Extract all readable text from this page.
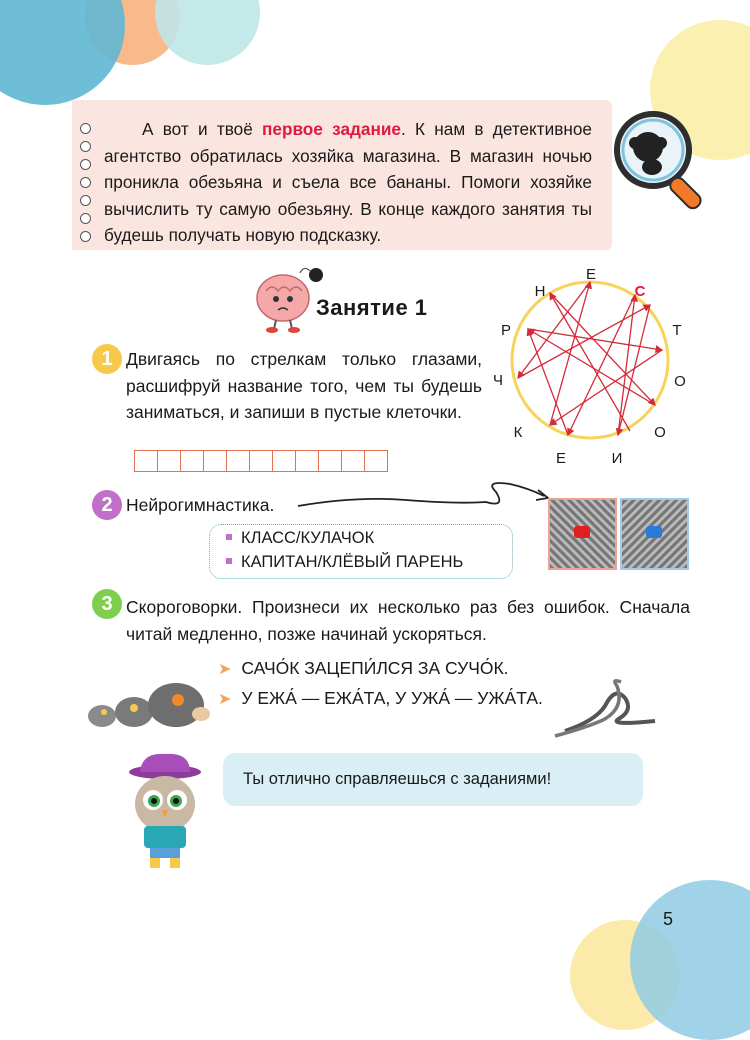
А вот и твоё первое задание. К нам в детективное агентство обратилась хозяйка магазина. В магазин ночью проникла обезьяна и съела все бананы. Помоги хозяйке вычислить ту самую обезьяну. В конце каждого занятия ты будешь получать новую подсказку.
Занятие 1
Е
Н	С
Р	Т
Ч	О
К	О
Е	И
1 Двигаясь по стрелкам только глазами, расшифруй название того, чем ты будешь заниматься, и запиши в пустые клеточки.
2 Нейрогимнастика.
КЛАСС/КУЛАЧОК
КАПИТАН/КЛЁВЫЙ ПАРЕНЬ
3 Скороговорки. Произнеси их несколько раз без ошибок. Сначала читай медленно, позже начинай ускоряться.
➤ САЧО́К ЗАЦЕПИ́ЛСЯ ЗА СУЧО́К.
➤ У ЕЖА́ — ЕЖА́ТА, У УЖА́ — УЖА́ТА.
Ты отлично справляешься с заданиями!
5
